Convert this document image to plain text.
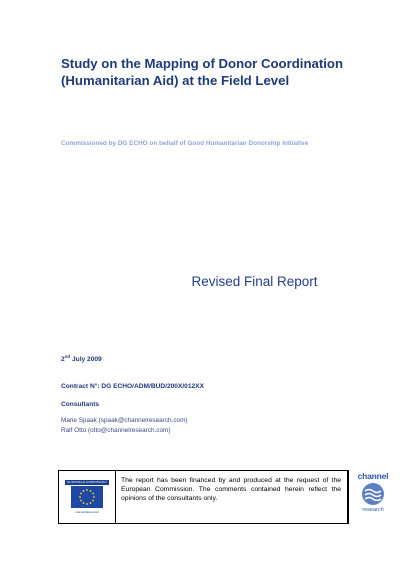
Study on the Mapping of Donor Coordination (Humanitarian Aid) at the Field Level

Commissioned by DG ECHO on behalf of Good Humanitarian Donorship Initiative

Revised Final Report

2nd July 2009

Contract N°: DG ECHO/ADM/BUD/200X/012XX

Consultants

Marie Spaak (spaak@channelresearch.com)

Ralf Otto (otto@channelresearch.com)

EUROPEAN COMMISSION
Humanitarian Aid
The report has been financed by and produced at the request of the European Commission. The comments contained herein reflect the opinions of the consultants only.
channel
research
